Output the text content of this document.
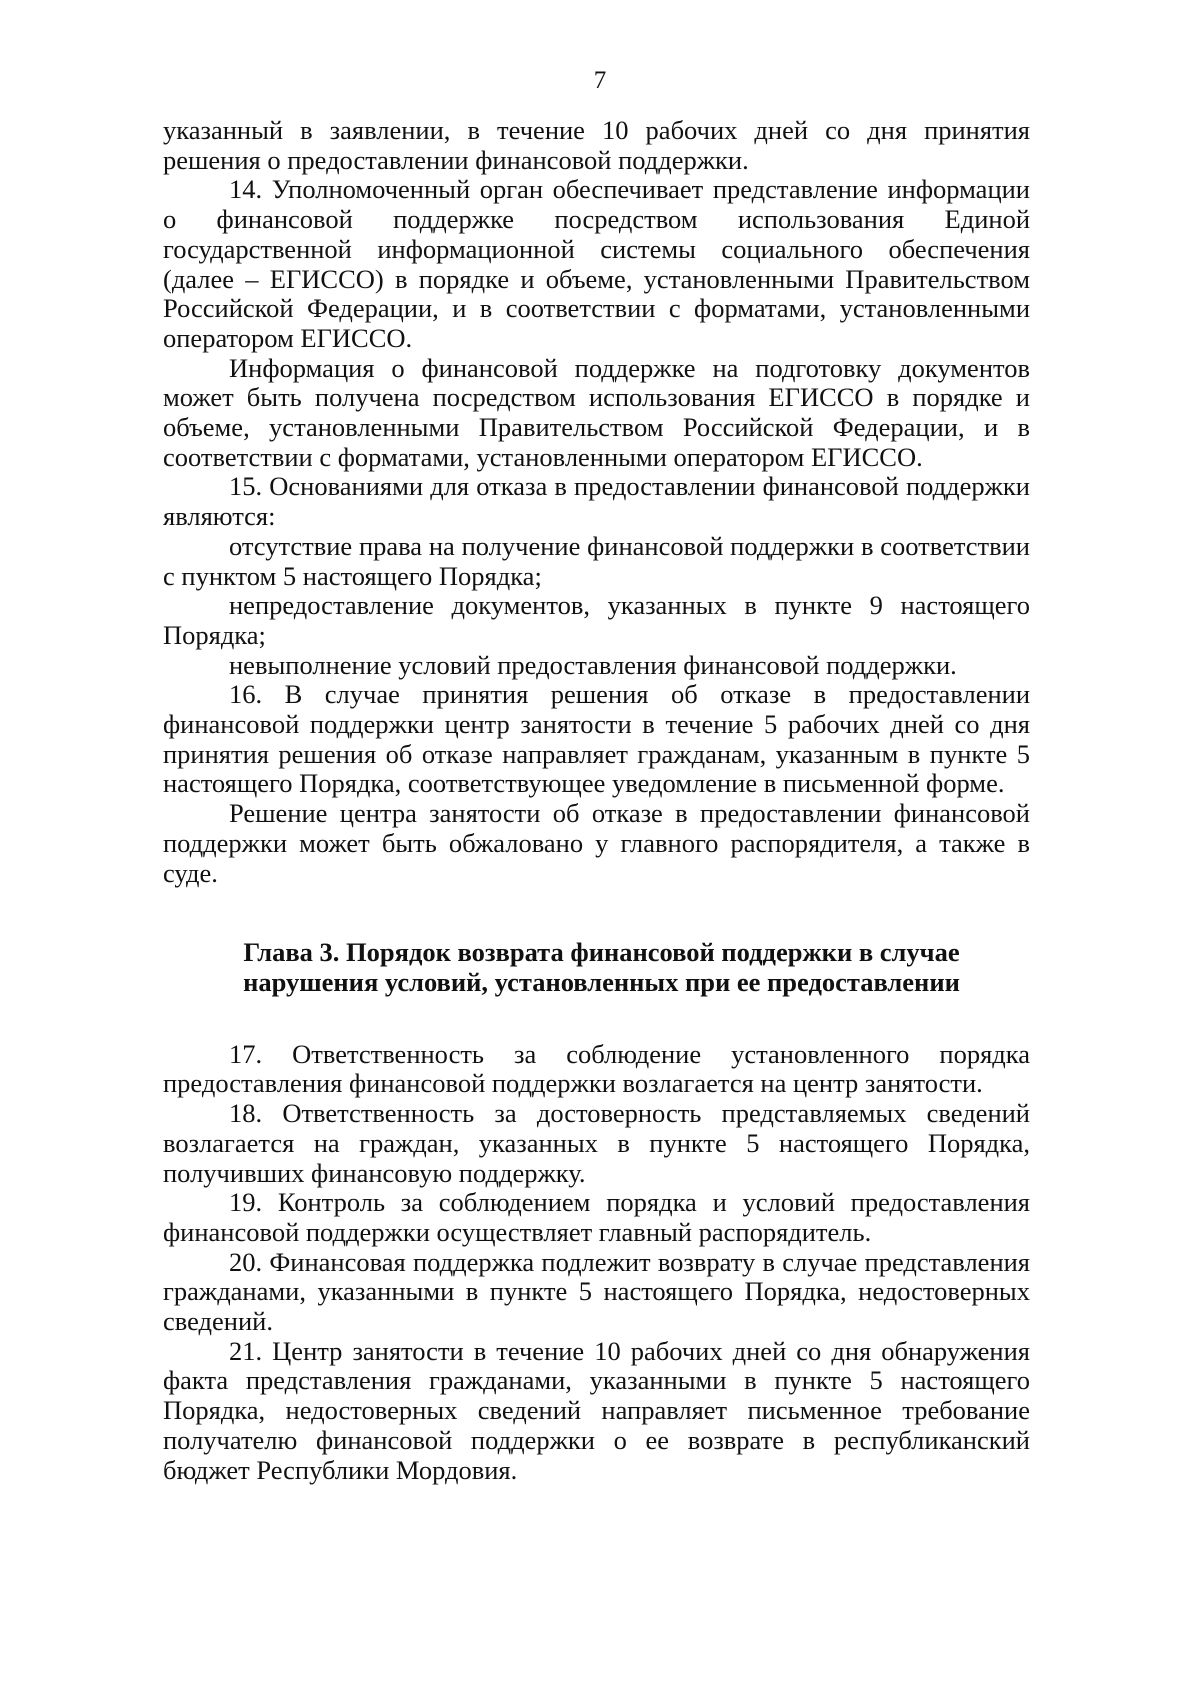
7

указанный в заявлении, в течение 10 рабочих дней со дня принятия решения о предоставлении финансовой поддержки.

14. Уполномоченный орган обеспечивает представление информации о финансовой поддержке посредством использования Единой государственной информационной системы социального обеспечения (далее – ЕГИССО) в порядке и объеме, установленными Правительством Российской Федерации, и в соответствии с форматами, установленными оператором ЕГИССО.

Информация о финансовой поддержке на подготовку документов может быть получена посредством использования ЕГИССО в порядке и объеме, установленными Правительством Российской Федерации, и в соответствии с форматами, установленными оператором ЕГИССО.

15. Основаниями для отказа в предоставлении финансовой поддержки являются:

отсутствие права на получение финансовой поддержки в соответствии с пунктом 5 настоящего Порядка;

непредоставление документов, указанных в пункте 9 настоящего Порядка;

невыполнение условий предоставления финансовой поддержки.

16. В случае принятия решения об отказе в предоставлении финансовой поддержки центр занятости в течение 5 рабочих дней со дня принятия решения об отказе направляет гражданам, указанным в пункте 5 настоящего Порядка, соответствующее уведомление в письменной форме.

Решение центра занятости об отказе в предоставлении финансовой поддержки может быть обжаловано у главного распорядителя, а также в суде.

Глава 3. Порядок возврата финансовой поддержки в случае
нарушения условий, установленных при ее предоставлении

17. Ответственность за соблюдение установленного порядка предоставления финансовой поддержки возлагается на центр занятости.

18. Ответственность за достоверность представляемых сведений возлагается на граждан, указанных в пункте 5 настоящего Порядка, получивших финансовую поддержку.

19. Контроль за соблюдением порядка и условий предоставления финансовой поддержки осуществляет главный распорядитель.

20. Финансовая поддержка подлежит возврату в случае представления гражданами, указанными в пункте 5 настоящего Порядка, недостоверных сведений.

21. Центр занятости в течение 10 рабочих дней со дня обнаружения факта представления гражданами, указанными в пункте 5 настоящего Порядка, недостоверных сведений направляет письменное требование получателю финансовой поддержки о ее возврате в республиканский бюджет Республики Мордовия.
